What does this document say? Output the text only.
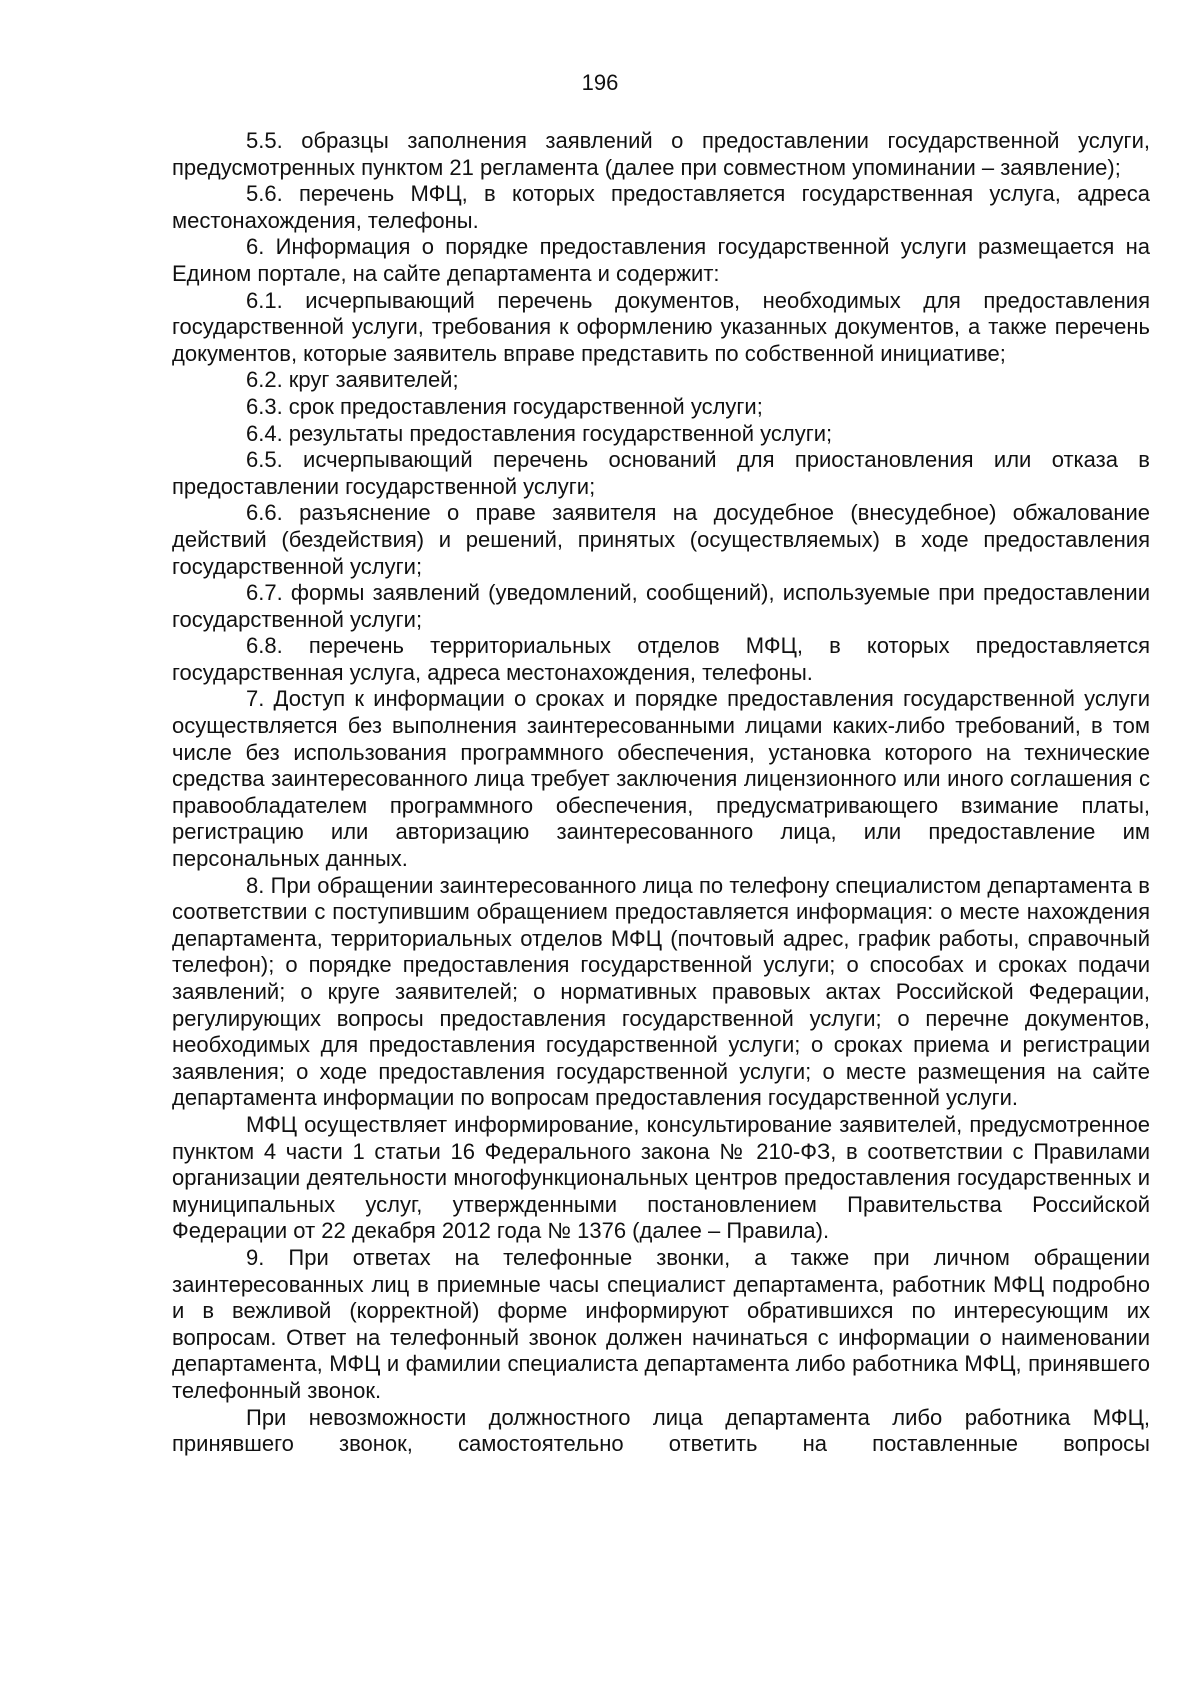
196

5.5. образцы заполнения заявлений о предоставлении государственной услуги, предусмотренных пунктом 21 регламента (далее при совместном упоминании – заявление);

5.6. перечень МФЦ, в которых предоставляется государственная услуга, адреса местонахождения, телефоны.

6. Информация о порядке предоставления государственной услуги размещается на Едином портале, на сайте департамента и содержит:

6.1. исчерпывающий перечень документов, необходимых для предоставления государственной услуги, требования к оформлению указанных документов, а также перечень документов, которые заявитель вправе представить по собственной инициативе;

6.2. круг заявителей;

6.3. срок предоставления государственной услуги;

6.4. результаты предоставления государственной услуги;

6.5. исчерпывающий перечень оснований для приостановления или отказа в предоставлении государственной услуги;

6.6. разъяснение о праве заявителя на досудебное (внесудебное) обжалование действий (бездействия) и решений, принятых (осуществляемых) в ходе предоставления государственной услуги;

6.7. формы заявлений (уведомлений, сообщений), используемые при предоставлении государственной услуги;

6.8. перечень территориальных отделов МФЦ, в которых предоставляется государственная услуга, адреса местонахождения, телефоны.

7. Доступ к информации о сроках и порядке предоставления государственной услуги осуществляется без выполнения заинтересованными лицами каких-либо требований, в том числе без использования программного обеспечения, установка которого на технические средства заинтересованного лица требует заключения лицензионного или иного соглашения с правообладателем программного обеспечения, предусматривающего взимание платы, регистрацию или авторизацию заинтересованного лица, или предоставление им персональных данных.

8. При обращении заинтересованного лица по телефону специалистом департамента в соответствии с поступившим обращением предоставляется информация: о месте нахождения департамента, территориальных отделов МФЦ (почтовый адрес, график работы, справочный телефон); о порядке предоставления государственной услуги; о способах и сроках подачи заявлений; о круге заявителей; о нормативных правовых актах Российской Федерации, регулирующих вопросы предоставления государственной услуги; о перечне документов, необходимых для предоставления государственной услуги; о сроках приема и регистрации заявления; о ходе предоставления государственной услуги; о месте размещения на сайте департамента информации по вопросам предоставления государственной услуги.

МФЦ осуществляет информирование, консультирование заявителей, предусмотренное пунктом 4 части 1 статьи 16 Федерального закона № 210-ФЗ, в соответствии с Правилами организации деятельности многофункциональных центров предоставления государственных и муниципальных услуг, утвержденными постановлением Правительства Российской Федерации от 22 декабря 2012 года № 1376 (далее – Правила).

9. При ответах на телефонные звонки, а также при личном обращении заинтересованных лиц в приемные часы специалист департамента, работник МФЦ подробно и в вежливой (корректной) форме информируют обратившихся по интересующим их вопросам. Ответ на телефонный звонок должен начинаться с информации о наименовании департамента, МФЦ и фамилии специалиста департамента либо работника МФЦ, принявшего телефонный звонок.

При невозможности должностного лица департамента либо работника МФЦ, принявшего звонок, самостоятельно ответить на поставленные вопросы
